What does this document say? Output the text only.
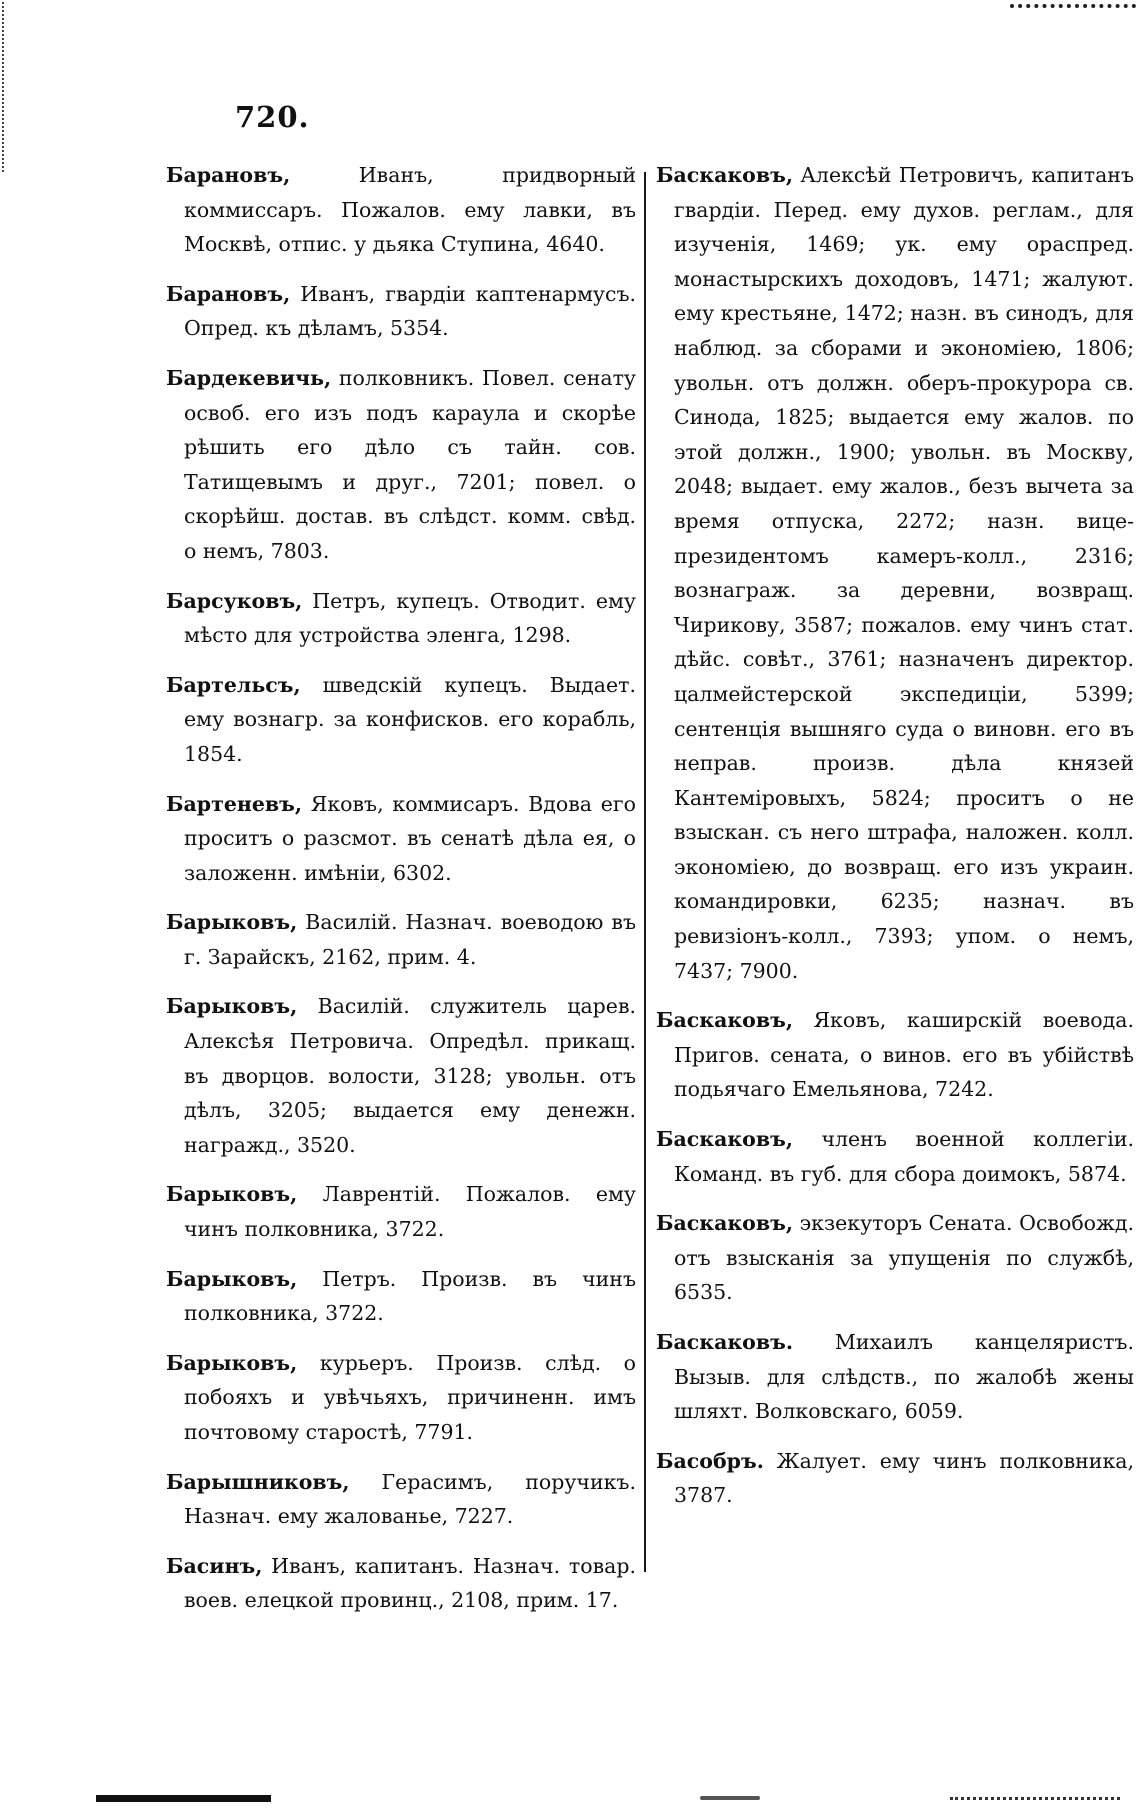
720.

Барановъ, Иванъ, придворный коммиссаръ. Пожалов. ему лавки, въ Москвѣ, отпис. у дьяка Ступина, 4640.

Барановъ, Иванъ, гвардіи каптенармусъ. Опред. къ дѣламъ, 5354.

Бардекевичь, полковникъ. Повел. сенату освоб. его изъ подъ караула и скорѣе рѣшить его дѣло съ тайн. сов. Татищевымъ и друг., 7201; повел. о скорѣйш. достав. въ слѣдст. комм. свѣд. о немъ, 7803.

Барсуковъ, Петръ, купецъ. Отводит. ему мѣсто для устройства эленга, 1298.

Бартельсъ, шведскій купецъ. Выдает. ему вознагр. за конфисков. его корабль, 1854.

Бартеневъ, Яковъ, коммисаръ. Вдова его проситъ о разсмот. въ сенатѣ дѣла ея, о заложенн. имѣніи, 6302.

Барыковъ, Василій. Назнач. воеводою въ г. Зарайскъ, 2162, прим. 4.

Барыковъ, Василій. служитель царев. Алексѣя Петровича. Опредѣл. прикащ. въ дворцов. волости, 3128; увольн. отъ дѣлъ, 3205; выдается ему денежн. награжд., 3520.

Барыковъ, Лаврентій. Пожалов. ему чинъ полковника, 3722.

Барыковъ, Петръ. Произв. въ чинъ полковника, 3722.

Барыковъ, курьеръ. Произв. слѣд. о побояхъ и увѣчьяхъ, причиненн. имъ почтовому старостѣ, 7791.

Барышниковъ, Герасимъ, поручикъ. Назнач. ему жалованье, 7227.

Басинъ, Иванъ, капитанъ. Назнач. товар. воев. елецкой провинц., 2108, прим. 17.

Баскаковъ, Алексѣй Петровичъ, капитанъ гвардіи. Перед. ему духов. реглам., для изученія, 1469; ук. ему ораспред. монастырскихъ доходовъ, 1471; жалуют. ему крестьяне, 1472; назн. въ синодъ, для наблюд. за сборами и экономіею, 1806; увольн. отъ должн. оберъ-прокурора св. Синода, 1825; выдается ему жалов. по этой должн., 1900; увольн. въ Москву, 2048; выдает. ему жалов., безъ вычета за время отпуска, 2272; назн. вице-президентомъ камеръ-колл., 2316; вознаграж. за деревни, возвращ. Чирикову, 3587; пожалов. ему чинъ стат. дѣйс. совѣт., 3761; назначенъ директор. цалмейстерской экспедиціи, 5399; сентенція вышняго суда о виновн. его въ неправ. произв. дѣла князей Кантеміровыхъ, 5824; проситъ о не взыскан. съ него штрафа, наложен. колл. экономіею, до возвращ. его изъ украин. командировки, 6235; назнач. въ ревизіонъ-колл., 7393; упом. о немъ, 7437; 7900.

Баскаковъ, Яковъ, каширскій воевода. Пригов. сената, о винов. его въ убійствѣ подьячаго Емельянова, 7242.

Баскаковъ, членъ военной коллегіи. Команд. въ губ. для сбора доимокъ, 5874.

Баскаковъ, экзекуторъ Сената. Освобожд. отъ взысканія за упущенія по службѣ, 6535.

Баскаковъ. Михаилъ канцеляристъ. Вызыв. для слѣдств., по жалобѣ жены шляхт. Волковскаго, 6059.

Басобръ. Жалует. ему чинъ полковника, 3787.
